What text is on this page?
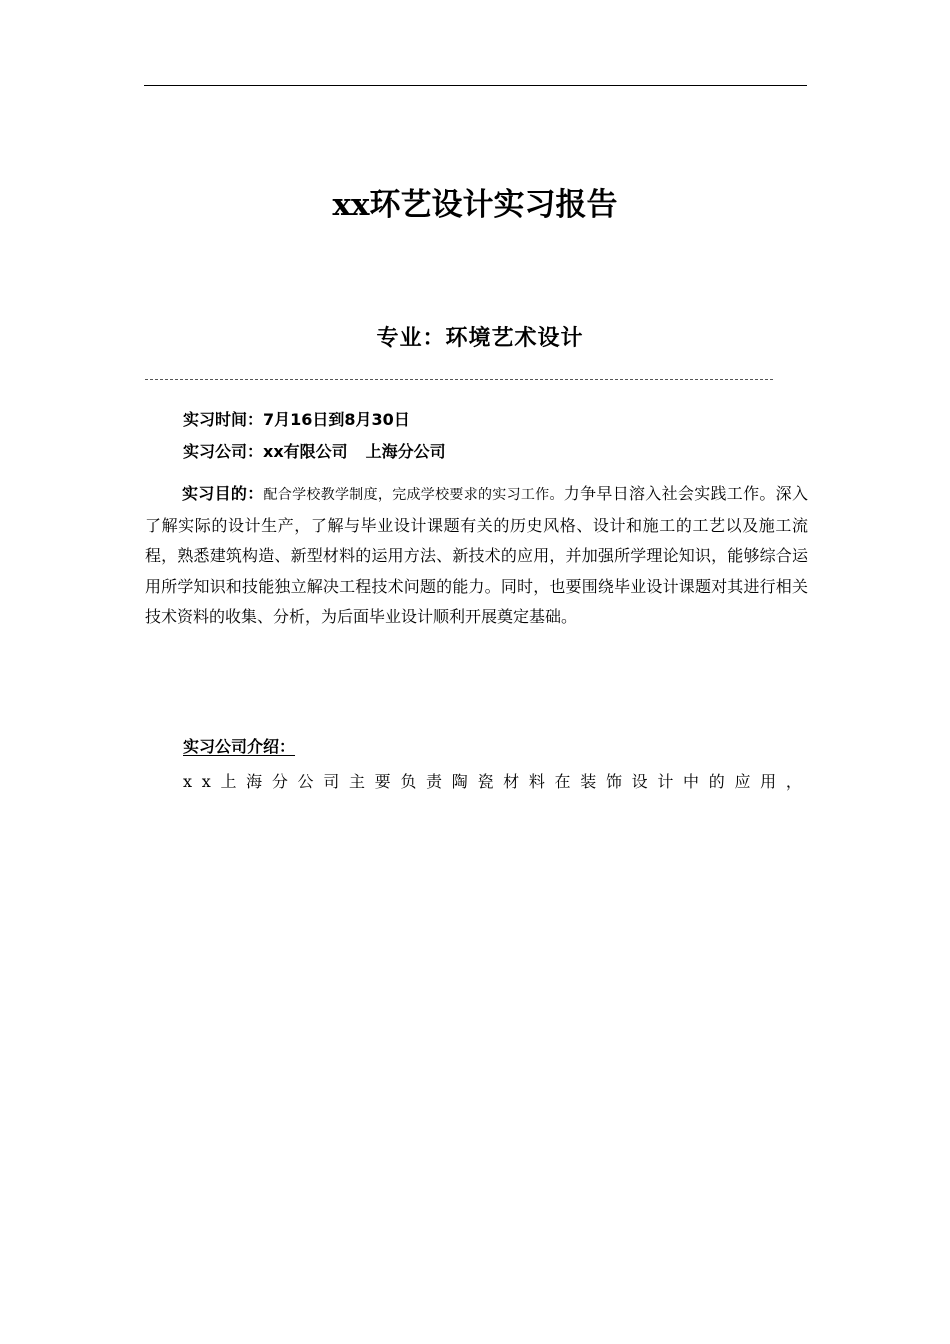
xx环艺设计实习报告
专业：环境艺术设计
实习时间：7月16日到8月30日
实习公司：xx有限公司 上海分公司
实习目的：配合学校教学制度，完成学校要求的实习工作。力争早日溶入社会实践工作。深入了解实际的设计生产，了解与毕业设计课题有关的历史风格、设计和施工的工艺以及施工流程，熟悉建筑构造、新型材料的运用方法、新技术的应用，并加强所学理论知识，能够综合运用所学知识和技能独立解决工程技术问题的能力。同时，也要围绕毕业设计课题对其进行相关技术资料的收集、分析，为后面毕业设计顺利开展奠定基础。
实习公司介绍：
xx上海分公司主要负责陶瓷材料在装饰设计中的应用，
